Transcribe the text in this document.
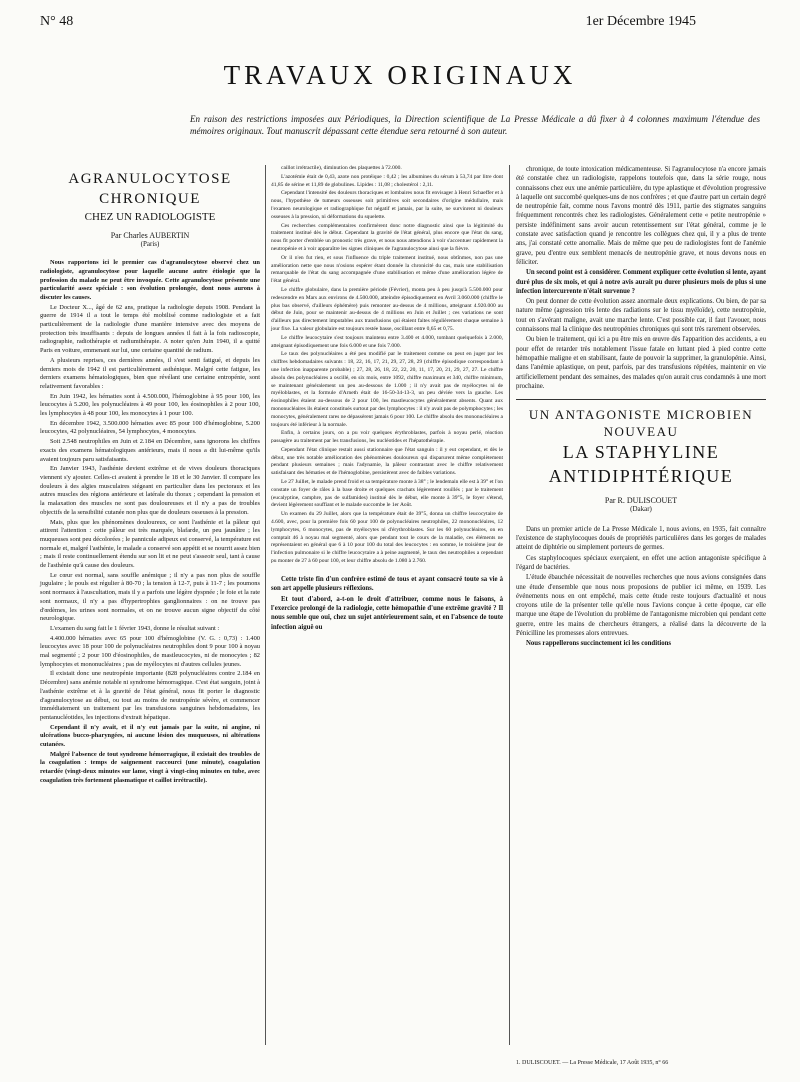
N° 48	1er Décembre 1945
TRAVAUX ORIGINAUX
En raison des restrictions imposées aux Périodiques, la Direction scientifique de La Presse Médicale a dû fixer à 4 colonnes maximum l'étendue des mémoires originaux. Tout manuscrit dépassant cette étendue sera retourné à son auteur.
AGRANULOCYTOSE
CHRONIQUE
CHEZ UN RADIOLOGISTE
Par Charles AUBERTIN
(Paris)

Nous rapportons ici le premier cas d'agranulocytose observé chez un radiologiste, agranulocytose pour laquelle aucune autre étiologie que la profession du malade ne peut être invoquée. Cette agranulocytose présente une particularité assez spéciale : son évolution prolongée, dont nous aurons à discuter les causes.

Le Docteur X..., âgé de 62 ans, pratique la radiologie depuis 1908. Pendant la guerre de 1914 il a tout le temps été mobilisé comme radiologiste et a fait particulièrement de la radiologie d'une manière intensive avec des moyens de protection très insuffisants : depuis de longues années il fait à la fois radioscopie, radiographie, radiothérapie et radiumthérapie. A noter qu'en Juin 1940, il a quitté Paris en voiture, emmenant sur lui, une certaine quantité de radium.

A plusieurs reprises, ces dernières années, il s'est senti fatigué, et depuis les derniers mois de 1942 il est particulièrement asthénique. Malgré cette fatigue, les derniers examens hématologiques, bien que révélant une certaine entropénie, sont relativement favorables :

En Juin 1942, les hématies sont à 4.500.000, l'hémoglobine à 95 pour 100, les leucocytes à 5.200, les polynucléaires à 49 pour 100, les éosinophiles à 2 pour 100, les lymphocytes à 48 pour 100, les monocytes à 1 pour 100.

En décembre 1942, 3.500.000 hématies avec 85 pour 100 d'hémoglobine, 5.200 leucocytes, 42 polynucléaires, 54 lymphocytes, 4 monocytes.

Soit 2.548 neutrophiles en Juin et 2.184 en Décembre, sans ignorons les chiffres exacts des examens hématologiques antérieurs, mais il nous a dit lui-même qu'ils avaient toujours paru satisfaisants.

En Janvier 1943, l'asthénie devient extrême et de vives douleurs thoraciques viennent s'y ajouter. Celles-ci avaient à prendre le 18 et le 30 Janvier. Il compare les douleurs à des algies musculaires siégeant en particulier dans les pectoraux et les autres muscles des régions antérieure et latérale du thorax ; cependant la pression et la malaxation des muscles ne sont pas douloureuses et il n'y a pas de troubles objectifs de la sensibilité cutanée non plus que de douleurs osseuses à la pression.

Mais, plus que les phénomènes douloureux, ce sont l'asthénie et la pâleur qui attirent l'attention : cette pâleur est très marquée, blafarde, un peu jaunâtre ; les muqueuses sont peu décolorées ; le pannicule adipeux est conservé, la température est normale et, malgré l'asthénie, le malade a conservé son appétit et se nourrit assez bien ; mais il reste continuellement étendu sur son lit et ne peut s'asseoir seul, tant à cause de l'asthénie qu'à cause des douleurs.

Le cœur est normal, sans souffle anémique ; il n'y a pas non plus de souffle jugulaire ; le pouls est régulier à 80-70 ; la tension à 12-7, puis à 11-7 ; les poumons sont normaux à l'auscultation, mais il y a parfois une légère dyspnée ; le foie et la rate sont normaux, il n'y a pas d'hypertrophies ganglionnaires : on ne trouve pas d'œdèmes, les urines sont normales, et on ne trouve aucun signe objectif du côté neurologique.

L'examen du sang fait le 1 février 1943, donne le résultat suivant :

4.400.000 hématies avec 65 pour 100 d'hémoglobine (V. G. : 0,73) : 1.400 leucocytes avec 18 pour 100 de polynucléaires neutrophiles dont 9 pour 100 à noyau mal segmenté ; 2 pour 100 d'éosinophiles, de mastleucocytes, ni de monocytes ; 82 lymphocytes et mononucléaires ; pas de myélocytes ni d'autres cellules jeunes.

Il existait donc une neutropénie importante (828 polynucléaires contre 2.184 en Décembre) sans anémie notable ni syndrome hémorragique. C'est état sanguin, joint à l'asthénie extrême et à la gravité de l'état général, nous fit porter le diagnostic d'agranulocytose au début, ou tout au moins de neutropénie sévère, et commencer immédiatement un traitement par les transfusions sanguines hebdomadaires, les pentanucléotides, les injections d'extrait hépatique.

Cependant il n'y avait, et il n'y eut jamais par la suite, ni angine, ni ulcérations bucco-pharyngées, ni aucune lésion des muqueuses, ni altérations cutanées.

Malgré l'absence de tout syndrome hémorragique, il existait des troubles de la coagulation : temps de saignement raccourci (une minute), coagulation retardée (vingt-deux minutes sur lame, vingt à vingt-cinq minutes en tube, avec coagulation très fortement plasmatique et caillot irrétractile).

caillot irrétractile), diminution des plaquettes à 72.000.

L'azotémie était de 0,43, azote non protéique : 0,42 ; les albumines du sérum à 53,74 par litre dont 41,85 de sérine et 11,89 de globulines. Lipides : 11,08 ; cholestérol : 2,11.

Cependant l'intensité des douleurs thoraciques et lombaires nous fit envisager à Henri Schaeffer et à nous, l'hypothèse de tumeurs osseuses soit primitives soit secondaires d'origine médullaire, mais l'examen neurologique et radiographique fut négatif et jamais, par la suite, ne survinrent ni douleurs osseuses à la pression, ni déformations du squelette.

Ces recherches complémentaires confirmèrent donc notre diagnostic ainsi que la légitimité du traitement institué dès le début. Cependant la gravité de l'état général, plus encore que l'état du sang, nous fit porter d'emblée un pronostic très grave, et nous nous attendions à voir s'accentuer rapidement la neutropénie et à voir apparaître les signes cliniques de l'agranulocytose ainsi que la fièvre.

Or il n'en fut rien, et sous l'influence du triple traitement institué, nous obtînmes, non pas une amélioration nette que nous n'osions espérer étant donnée la chronicité du cas, mais une stabilisation remarquable de l'état du sang accompagnée d'une stabilisation et même d'une amélioration légère de l'état général.

Le chiffre globulaire, dans la première période (Février), monta peu à peu jusqu'à 5.500.000 pour redescendre en Mars aux environs de 4.500.000, atteindre épisodiquement en Avril 3.060.000 (chiffre le plus bas observé, d'ailleurs éphémère) puis remonter au-dessus de 4 millions, atteignant 4.920.000 au début de Juin, pour se maintenir au-dessus de 4 millions en Juin et Juillet ; ces variations ne sont d'ailleurs pas directement imputables aux transfusions qui étaient faites régulièrement chaque semaine à jour fixe. La valeur globulaire est toujours restée basse, oscillant entre 0,65 et 0,75.

Le chiffre leucocytaire s'est toujours maintenu entre 3.400 et 4.000, tombant quelquefois à 2.000, atteignant épisodiquement une fois 6.000 et une fois 7.000.

Le taux des polynucléaires a été peu modifié par le traitement comme on peut en juger par les chiffres hebdomadaires suivants : 18, 22, 16, 17, 21, 29, 27, 28, 29 (chiffre épisodique correspondant à une infection inapparente probable) ; 27, 28, 26, 18, 22, 22, 20, 11, 17, 20, 21, 29, 27, 27. Le chiffre absolu des polynucléaires a oscillé, en six mois, entre 1092, chiffre maximum et 340, chiffre minimum, se maintenant généralement un peu au-dessous de 1.000 ; il n'y avait pas de myélocytes ni de myéloblastes, et la formule d'Arneth était de 16-50-34-13-3, un peu déviée vers la gauche. Les éosinophiles étaient au-dessous de 2 pour 100, les mastleucocytes généralement absents. Quant aux mononucléaires ils étaient constitués surtout par des lymphocytes : il n'y avait pas de polymphocytes ; les monocytes, généralement rares ne dépassèrent jamais 6 pour 100. Le chiffre absolu des mononucléaires a toujours été inférieur à la normale.

Enfin, à certains jours, on a pu voir quelques érythroblastes, parfois à noyau perlé, réaction passagère au traitement par les transfusions, les nucléotides et l'hépatothérapie.

Cependant l'état clinique restait aussi stationnaire que l'état sanguin : il y eut cependant, et dès le début, une très notable amélioration des phénomènes douloureux qui disparurent même complètement pendant plusieurs semaines ; mais l'adynamie, la pâleur contrastant avec le chiffre relativement satisfaisant des hématies et de l'hémoglobine, persistèrent avec de faibles variations.

Le 27 Juillet, le malade prend froid et sa température monte à 38° ; le lendemain elle est à 39° et l'on constate un foyer de râles à la base droite et quelques crachats légèrement rouillés ; par le traitement (eucalyptine, camphre, pas de sulfamides) institué dès le début, elle monte à 39°5, le foyer s'étend, devient légèrement souffiant et le malade succombe le 1er Août.

Un examen du 29 Juillet, alors que la température était de 39°5, donna un chiffre leucocytaire de 4.600, avec, pour la première fois 60 pour 100 de polynucléaires neutrophiles, 22 mononucléaires, 12 lymphocytes, 6 monocytes, pas de myélocytes ni d'érythroblastes. Sur les 60 polynucléaires, on en comptait 46 à noyau mal segmenté, alors que pendant tout le cours de la maladie, ces éléments ne représentaient en général que 6 à 10 pour 100 du total des leucocytes : en somme, le troisième jour de l'infection pulmonaire si le chiffre leucocytaire a à peine augmenté, le taux des neutrophiles a cependant pu monter de 27 à 60 pour 100, et leur chiffre absolu de 1.080 à 2.760.

Cette triste fin d'un confrère estimé de tous et ayant consacré toute sa vie à son art appelle plusieurs réflexions.

Et tout d'abord, a-t-on le droit d'attribuer, comme nous le faisons, à l'exercice prolongé de la radiologie, cette hémopathie d'une extrême gravité ? Il nous semble que oui, chez un sujet antérieurement sain, et en l'absence de toute infection aiguë ou

chronique, de toute intoxication médicamenteuse. Si l'agranulocytose n'a encore jamais été constatée chez un radiologiste, rappelons toutefois que, dans la série rouge, nous connaissons chez eux une anémie particulière, du type aplastique et d'évolution progressive à laquelle ont succombé quelques-uns de nos confrères ; et que d'autre part un certain degré de neutropénie fait, comme nous l'avons montré dès 1911, partie des stigmates sanguins fréquemment rencontrés chez les radiologistes. Généralement cette « petite neutropénie » persiste indéfiniment sans avoir aucun retentissement sur l'état général, comme je le constate avec satisfaction quand je rencontre les collègues chez qui, il y a plus de trente ans, j'ai constaté cette anomalie. Mais de même que peu de radiologistes font de l'anémie grave, peu d'entre eux semblent menacés de neutropénie grave, et nous devons nous en féliciter.

Un second point est à considérer. Comment expliquer cette évolution si lente, ayant duré plus de six mois, et qui à notre avis aurait pu durer plusieurs mois de plus si une infection intercurrente n'était survenue ?

On peut donner de cette évolution assez anormale deux explications. Ou bien, de par sa nature même (agression très lente des radiations sur le tissu myéloïde), cette neutropénie, tout en s'avérant maligne, avait une marche lente. C'est possible car, il faut l'avouer, nous connaissons mal la clinique des neutropénies chroniques qui sont très rarement observées.

Ou bien le traitement, qui ici a pu être mis en œuvre dès l'apparition des accidents, a eu pour effet de retarder très notablement l'issue fatale en luttant pied à pied contre cette hémopathie maligne et en stabilisant, faute de pouvoir la supprimer, la granulopénie. Ainsi, dans l'anémie aplastique, on peut, parfois, par des transfusions répétées, maintenir en vie artificiellement pendant des semaines, des malades qu'on aurait crus condamnés à une mort prochaine.

UN ANTAGONISTE MICROBIEN
NOUVEAU
LA STAPHYLINE
ANTIDIPHTÉRIQUE
Par R. DULISCOUET
(Dakar)

Dans un premier article de La Presse Médicale 1, nous avions, en 1935, fait connaître l'existence de staphylocoques doués de propriétés particulières dans les gorges de malades atteint de diphtérie ou simplement porteurs de germes.

Ces staphylocoques spéciaux exerçaient, en effet une action antagoniste spécifique à l'égard de bactéries.

L'étude ébauchée nécessitait de nouvelles recherches que nous avions consignées dans une étude d'ensemble que nous nous proposions de publier ici même, en 1939. Les événements nous en ont empêché, mais cette étude reste toujours d'actualité et nous croyons utile de la présenter telle qu'elle nous l'avions conçue à cette époque, car elle marque une étape de l'évolution du problème de l'antagonisme microbien qui pendant cette guerre, entre les mains de chercheurs étrangers, a réalisé dans la découverte de la Pénicilline les promesses alors entrevues.

Nous rappellerons succinctement ici les conditions

1. DULISCOUET. — La Presse Médicale, 17 Août 1935, n° 66
